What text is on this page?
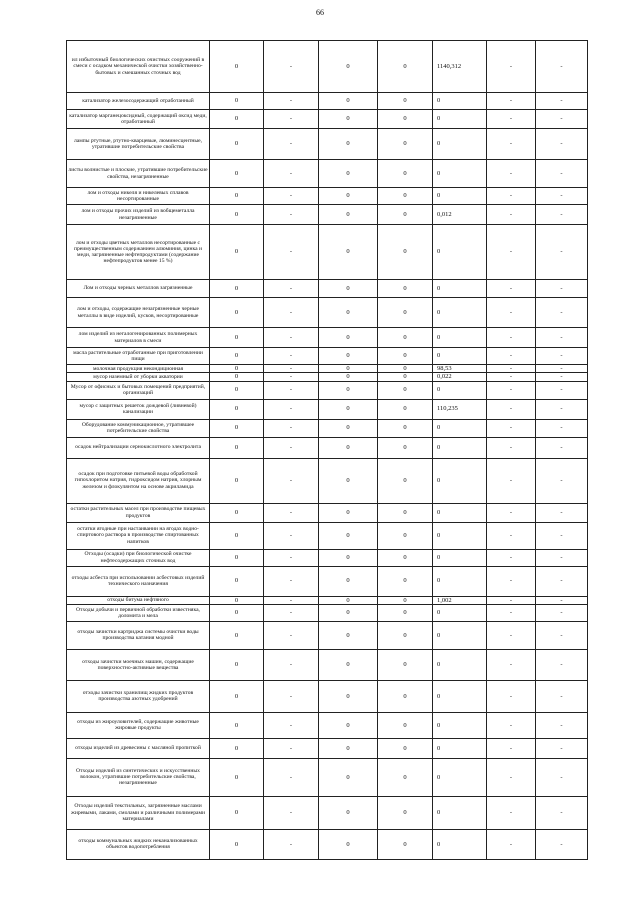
66
ил избыточный биологических очистных сооружений в смеси с осадком механической очистки хозяйственно-бытовых и смешанных сточных вод	0	-	0	0	1140,312	-	-
катализатор железосодержащий отработанный	0	-	0	0	0	-	-
катализатор марганецоксидный, содержащий оксид меди, отработанный	0	-	0	0	0	-	-
лампы ртутные, ртутно-кварцевые, люминесцентные, утратившие потребительские свойства	0	-	0	0	0	-	-
листы волнистые и плоские, утратившие потребительские свойства, незагрязненные	0	-	0	0	0	-	-
лом и отходы никеля и никелевых сплавов несортированные	0	-	0	0	0	-	-
лом и отходы прочих изделий из вобщеметалла незагрязненные	0	-	0	0	0,012	-	-
лом и отходы цветных металлов несортированные с преимущественным содержанием алюминия, цинка и меди, загрязненные нефтепродуктами (содержание нефтепродуктов менее 15 %)	0	-	0	0	0	-	-
Лом и отходы черных металлов загрязненные	0	-	0	0	0	-	-
лом и отходы, содержащие незагрязненные черные металлы в виде изделий, кусков, несортированные	0	-	0	0	0	-	-
лом изделий из негалогенированных полимерных материалов в смеси	0	-	0	0	0	-	-
масла растительные отработанные при приготовлении пищи	0	-	0	0	0	-	-
молочная продукция некондиционная	0	-	0	0	98,53	-	-
мусор наземный от уборки акватории	0	-	0	0	0,022	-	-
Мусор от офисных и бытовых помещений предприятий, организаций	0	-	0	0	0	-	-
мусор с защитных решеток дождевой (ливневой) канализации	0	-	0	0	110,235	-	-
Оборудование коммуникационное, утратившее потребительские свойства	0	-	0	0	0	-	-
осадок нейтрализации сернокислотного электролита	0	-	0	0	0	-	-
осадок при подготовке питьевой воды обработкой гипохлоритом натрия, гидроксидом натрия, хлорным железом и флокулянтом на основе акриламида	0	-	0	0	0	-	-
остатки растительных масел при производстве пищевых продуктов	0	-	0	0	0	-	-
остатки ягодные при настаивании на ягодах водно-спиртового раствора в производстве спиртованных напитков	0	-	0	0	0	-	-
Отходы (осадки) при биологической очистке нефтесодержащих сточных вод	0	-	0	0	0	-	-
отходы асбеста при использовании асбестовых изделий технического назначения	0	-	0	0	0	-	-
отходы битума нефтяного	0	-	0	0	1,002	-	-
Отходы добычи и первичной обработки известняка, доломита и мела	0	-	0	0	0	-	-
отходы зачистки картриджа системы очистки воды производства катания модной	0	-	0	0	0	-	-
отходы зачистки моечных машин, содержащие поверхностно-активные вещества	0	-	0	0	0	-	-
отходы зачистки хранилищ жидких продуктов производства азотных удобрений	0	-	0	0	0	-	-
отходы из жироуловителей, содержащие животные жировые продукты	0	-	0	0	0	-	-
отходы изделий из древесины с масляной пропиткой	0	-	0	0	0	-	-
Отходы изделий из синтетических и искусственных волокон, утратившие потребительские свойства, незагрязненные	0	-	0	0	0	-	-
Отходы изделий текстильных, загрязненные маслами жиревыми, лаками, смолами и различными полимерами материалами	0	-	0	0	0	-	-
отходы коммунальных жидких неканализованных объектов водопотребления	0	-	0	0	0	-	-
